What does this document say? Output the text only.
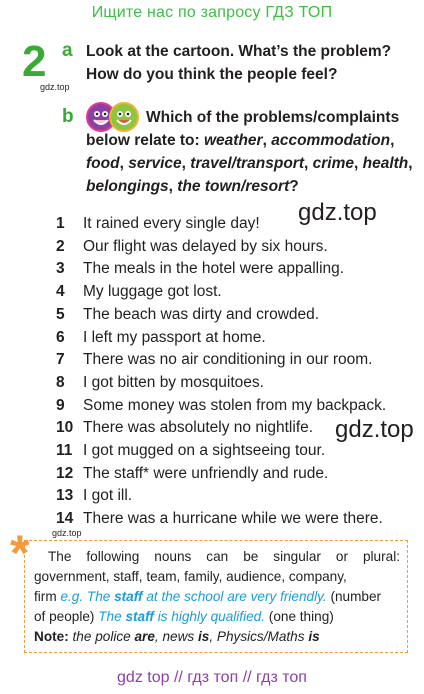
Ищите нас по запросу ГДЗ ТОП
2
gdz.top
a Look at the cartoon. What’s the problem?
How do you think the people feel?
b	Which of the problems/complaints
below relate to: weather, accommodation,
food, service, travel/transport, crime, health,
belongings, the town/resort?
1	It rained every single day!
2	Our flight was delayed by six hours.
3	The meals in the hotel were appalling.
4	My luggage got lost.
5	The beach was dirty and crowded.
6	I left my passport at home.
7	There was no air conditioning in our room.
8	I got bitten by mosquitoes.
9	Some money was stolen from my backpack.
10 There was absolutely no nightlife.
11 I got mugged on a sightseeing tour.
12 The staff* were unfriendly and rude.
13 I got ill.
14 There was a hurricane while we were there.
gdz.top
gdz.top
gdz.top
* The following nouns can be singular or plural:
government, staff, team, family, audience, company,
firm e.g. The staff at the school are very friendly. (number
of people) The staff is highly qualified. (one thing)
Note: the police are, news is, Physics/Maths is
gdz top // гдз топ // гдз топ
